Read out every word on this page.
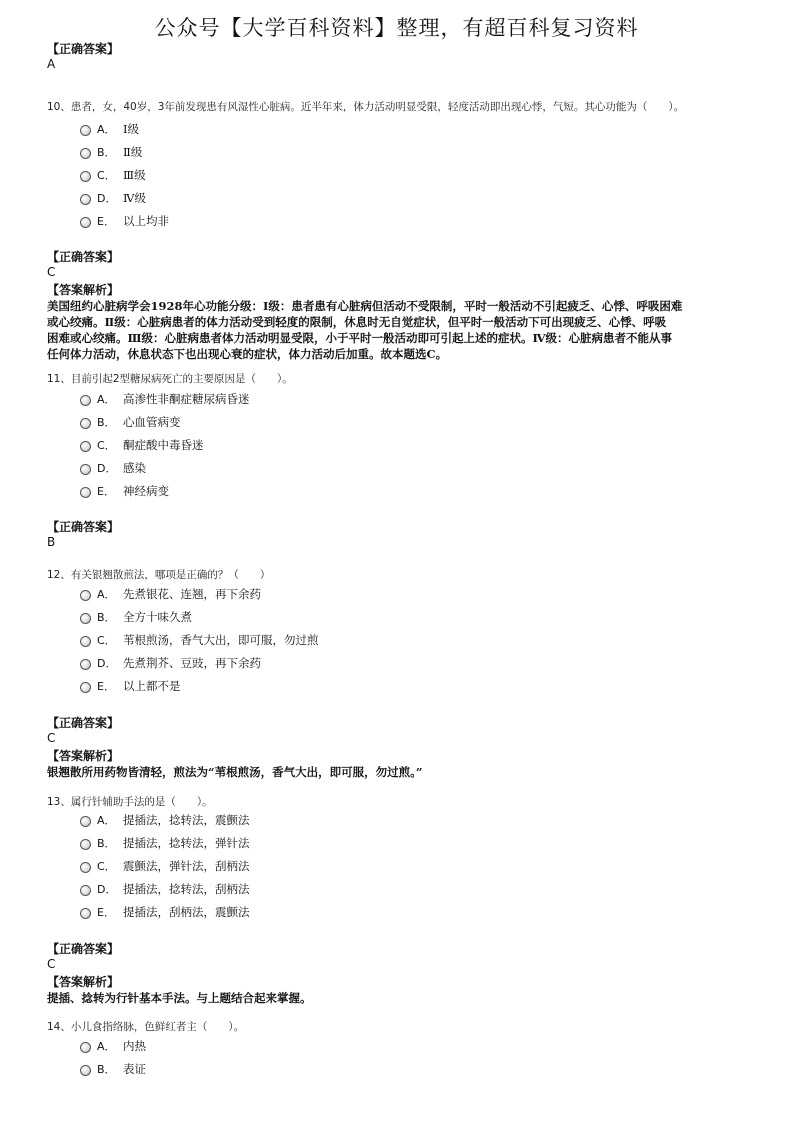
公众号【大学百科资料】整理，有超百科复习资料
【正确答案】
A
10、患者，女，40岁，3年前发现患有风湿性心脏病。近半年来，体力活动明显受限，轻度活动即出现心悸，气短。其心功能为（　　）。
A． Ⅰ级
B． Ⅱ级
C． Ⅲ级
D． Ⅳ级
E． 以上均非
【正确答案】
C
【答案解析】
美国纽约心脏病学会1928年心功能分级：Ⅰ级：患者患有心脏病但活动不受限制，平时一般活动不引起疲乏、心悸、呼吸困难
或心绞痛。Ⅱ级：心脏病患者的体力活动受到轻度的限制，休息时无自觉症状，但平时一般活动下可出现疲乏、心悸、呼吸
困难或心绞痛。Ⅲ级：心脏病患者体力活动明显受限，小于平时一般活动即可引起上述的症状。Ⅳ级：心脏病患者不能从事
任何体力活动，休息状态下也出现心衰的症状，体力活动后加重。故本题选C。
11、目前引起2型糖尿病死亡的主要原因是（　　）。
A． 高渗性非酮症糖尿病昏迷
B． 心血管病变
C． 酮症酸中毒昏迷
D． 感染
E． 神经病变
【正确答案】
B
12、有关银翘散煎法，哪项是正确的？（　　）
A． 先煮银花、连翘，再下余药
B． 全方十味久煮
C． 苇根煎汤，香气大出，即可服，勿过煎
D． 先煮荆芥、豆豉，再下余药
E． 以上都不是
【正确答案】
C
【答案解析】
银翘散所用药物皆清轻，煎法为“苇根煎汤，香气大出，即可服，勿过煎。”
13、属行针辅助手法的是（　　）。
A． 提插法，捻转法，震颤法
B． 提插法，捻转法，弹针法
C． 震颤法，弹针法，刮柄法
D． 提插法，捻转法，刮柄法
E． 提插法，刮柄法，震颤法
【正确答案】
C
【答案解析】
提插、捻转为行针基本手法。与上题结合起来掌握。
14、小儿食指络脉，色鲜红者主（　　）。
A． 内热
B． 表证
